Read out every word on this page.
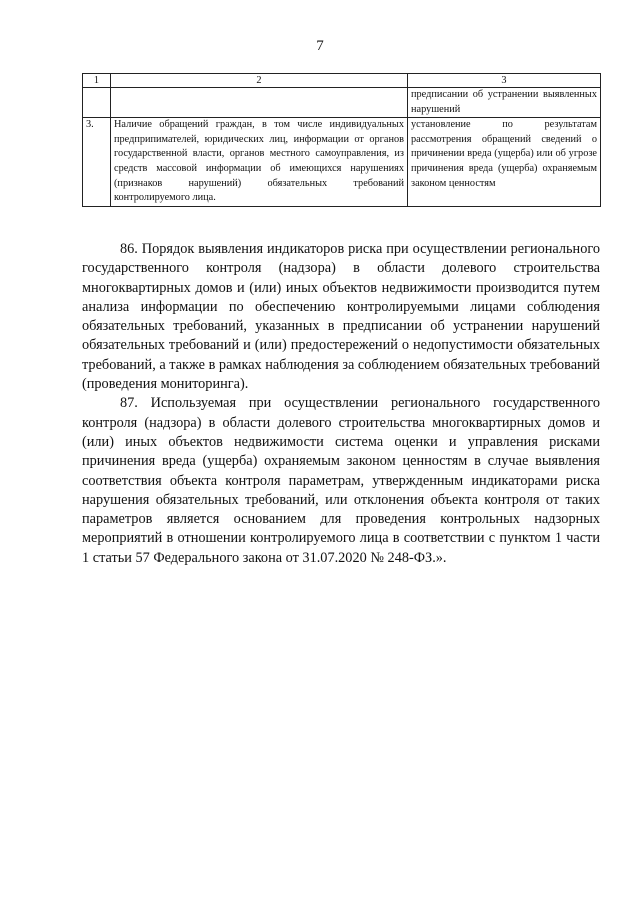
7
1	2	3
		предписании об устранении выявленных нарушений
3.	Наличие обращений граждан, в том числе индивидуальных предприпимателей, юридических лиц, информации от органов государственной власти, органов местного самоуправления, из средств массовой информации об имеющихся нарушениях (признаков нарушений) обязательных требований контролируемого лица.	установление по результатам рассмотрения обращений сведений о причинении вреда (ущерба) или об угрозе причинения вреда (ущерба) охраняемым законом ценностям

86. Порядок выявления индикаторов риска при осуществлении регионального государственного контроля (надзора) в области долевого строительства многоквартирных домов и (или) иных объектов недвижимости производится путем анализа информации по обеспечению контролируемыми лицами соблюдения обязательных требований, указанных в предписании об устранении нарушений обязательных требований и (или) предостережений о недопустимости обязательных требований, а также в рамках наблюдения за соблюдением обязательных требований (проведения мониторинга).

87. Используемая при осуществлении регионального государственного контроля (надзора) в области долевого строительства многоквартирных домов и (или) иных объектов недвижимости система оценки и управления рисками причинения вреда (ущерба) охраняемым законом ценностям в случае выявления соответствия объекта контроля параметрам, утвержденным индикаторами риска нарушения обязательных требований, или отклонения объекта контроля от таких параметров является основанием для проведения контрольных надзорных мероприятий в отношении контролируемого лица в соответствии с пунктом 1 части 1 статьи 57 Федерального закона от 31.07.2020 № 248-ФЗ.».
